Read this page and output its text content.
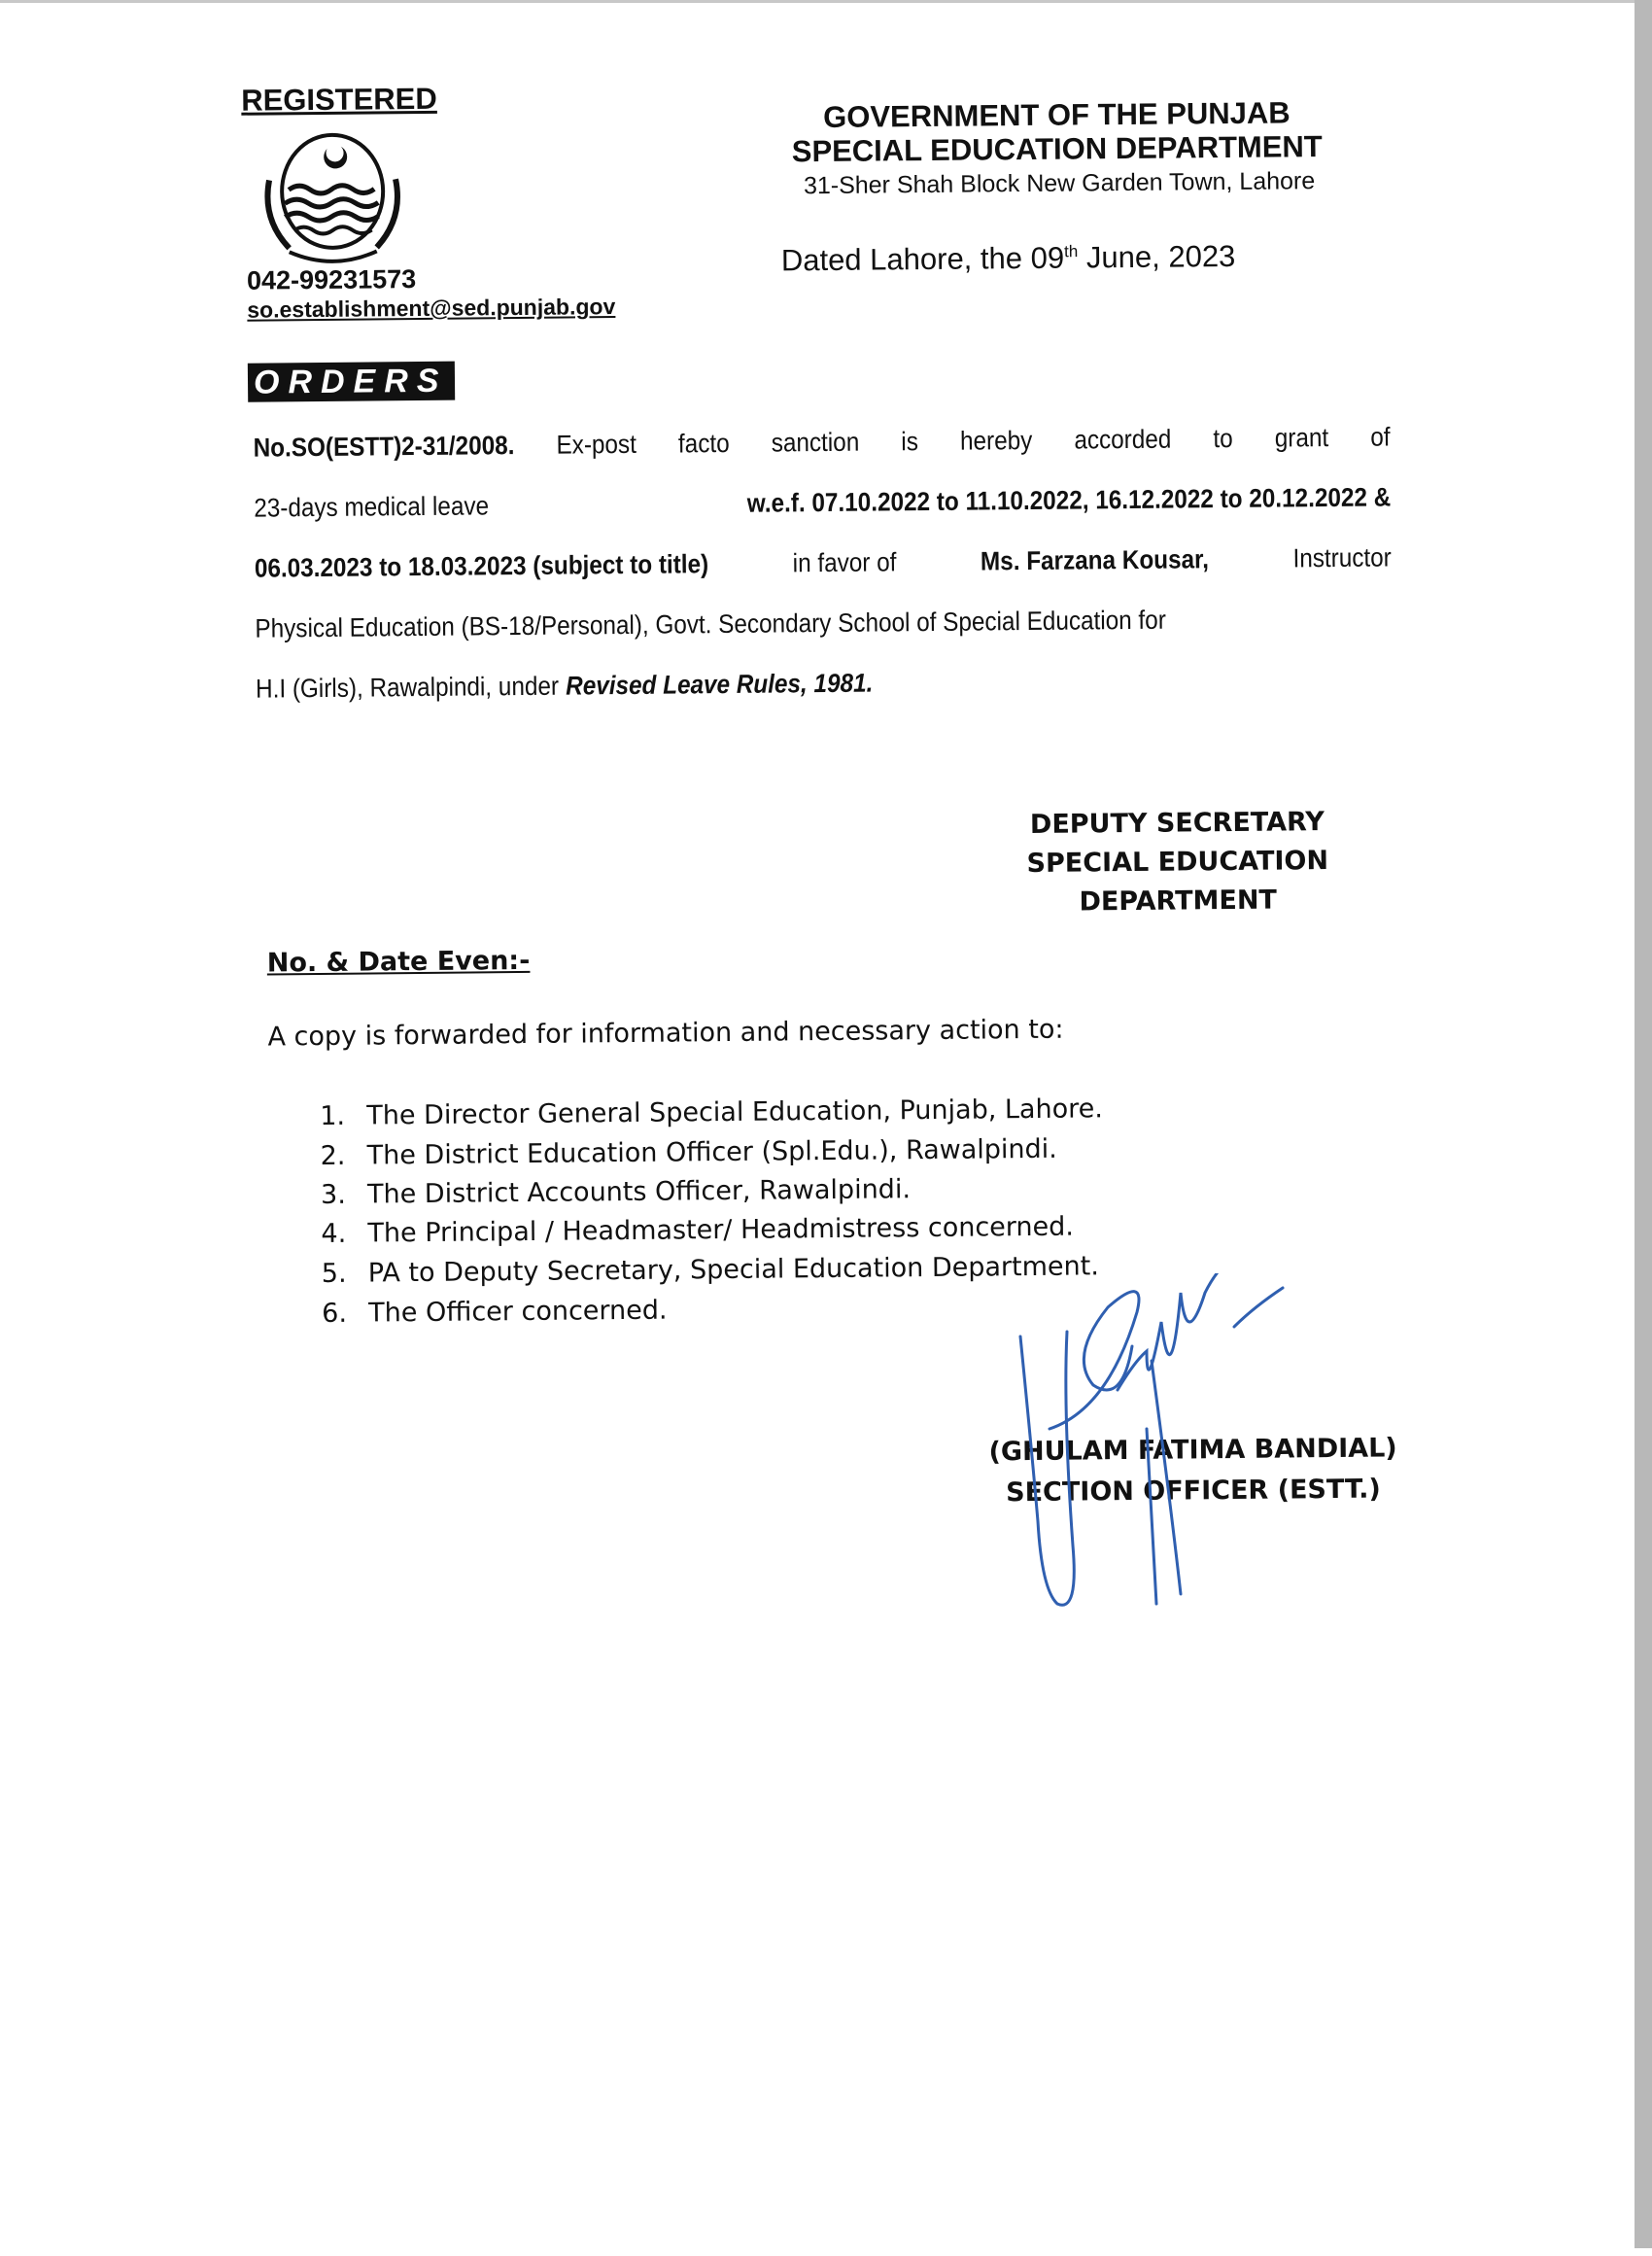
REGISTERED
042-99231573
so.establishment@sed.punjab.gov
ORDERS
GOVERNMENT OF THE PUNJAB
SPECIAL EDUCATION DEPARTMENT
31-Sher Shah Block New Garden Town, Lahore
Dated Lahore, the 09th June, 2023
No.SO(ESTT)2-31/2008. Ex-post facto sanction is hereby accorded to grant of
23-days medical leave	w.e.f. 07.10.2022 to 11.10.2022, 16.12.2022 to 20.12.2022 &
06.03.2023 to 18.03.2023 (subject to title)	in favor of	Ms. Farzana Kousar,	Instructor
Physical Education (BS-18/Personal), Govt. Secondary School of Special Education for
H.I (Girls), Rawalpindi, under Revised Leave Rules, 1981.
DEPUTY SECRETARY
SPECIAL EDUCATION
DEPARTMENT
No. & Date Even:-
A copy is forwarded for information and necessary action to:
1. The Director General Special Education, Punjab, Lahore.
2. The District Education Officer (Spl.Edu.), Rawalpindi.
3. The District Accounts Officer, Rawalpindi.
4. The Principal / Headmaster/ Headmistress concerned.
5. PA to Deputy Secretary, Special Education Department.
6. The Officer concerned.
(GHULAM FATIMA BANDIAL)
SECTION OFFICER (ESTT.)
